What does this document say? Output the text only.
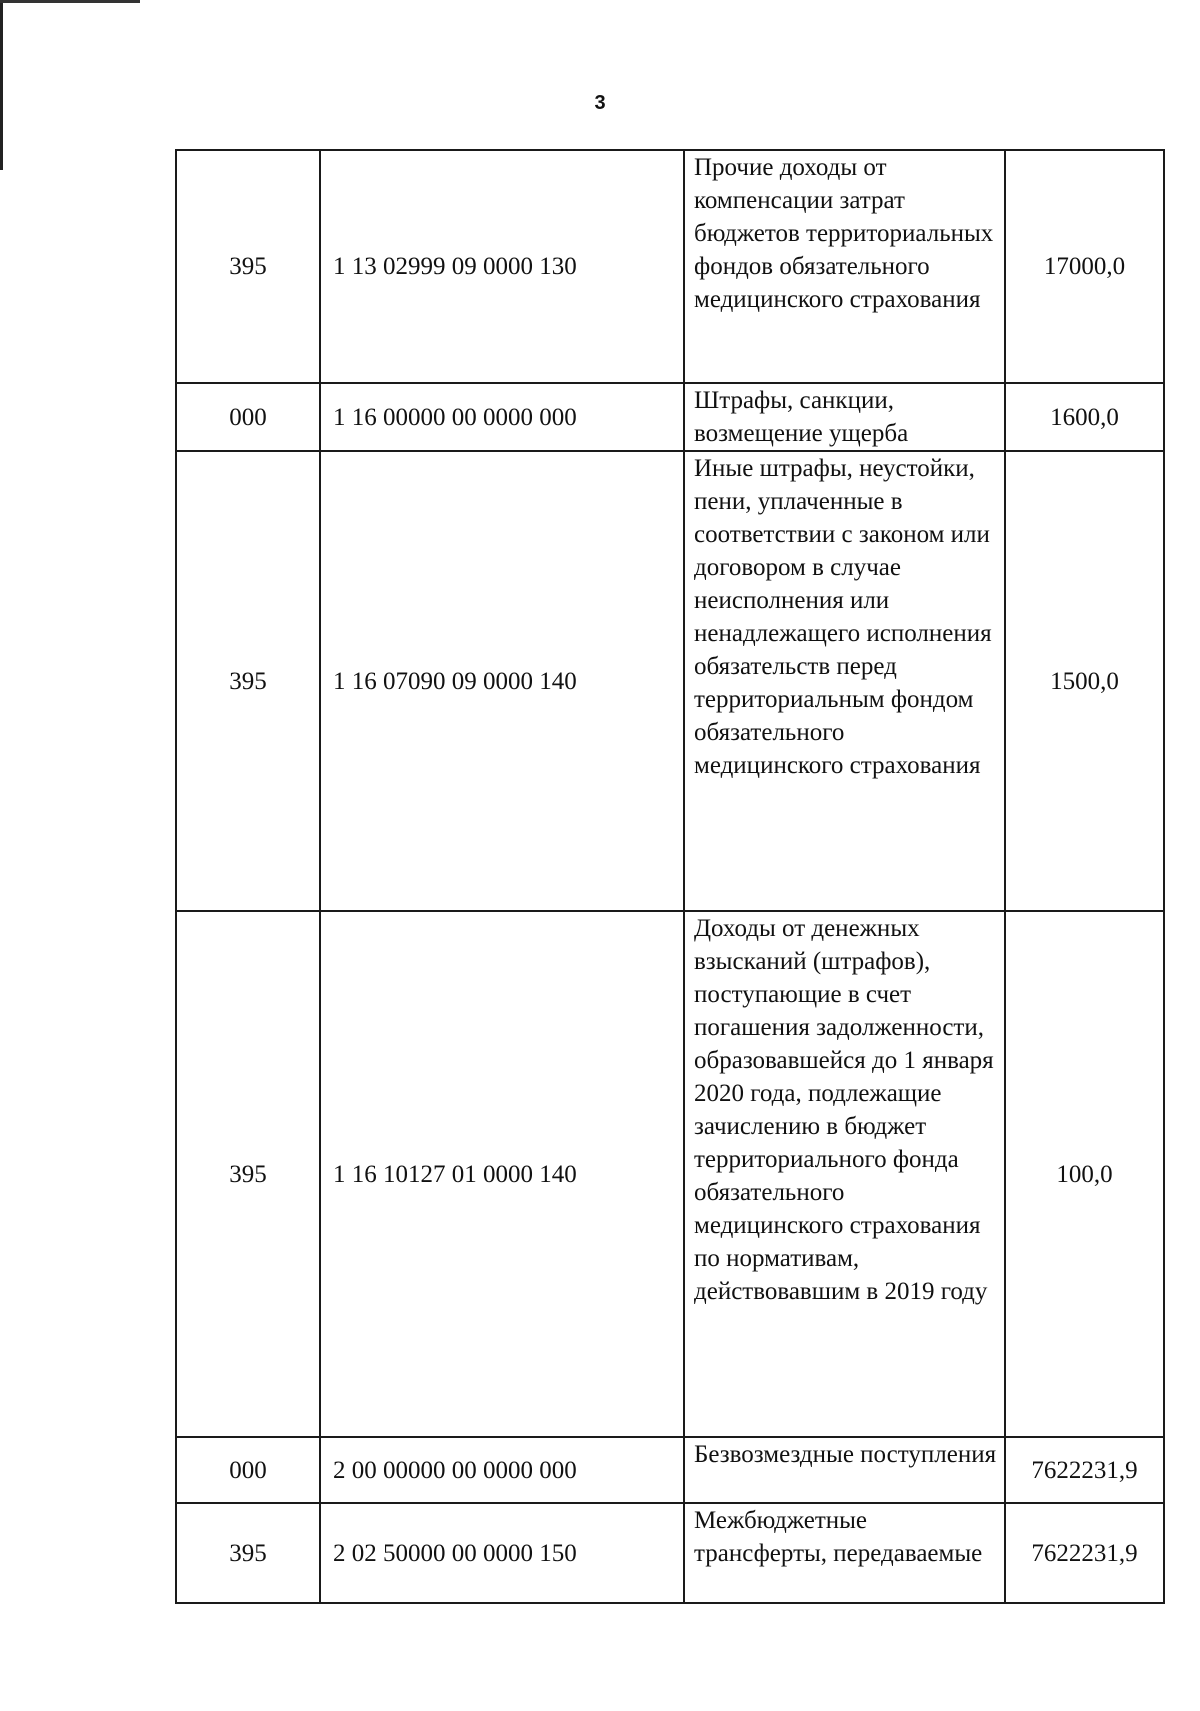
3
395	1 13 02999 09 0000 130	Прочие доходы от компенсации затрат бюджетов территориальных фондов обязательного медицинского страхования	17000,0
000	1 16 00000 00 0000 000	Штрафы, санкции, возмещение ущерба	1600,0
395	1 16 07090 09 0000 140	Иные штрафы, неустойки, пени, уплаченные в соответствии с законом или договором в случае неисполнения или ненадлежащего исполнения обязательств перед территориальным фондом обязательного медицинского страхования	1500,0
395	1 16 10127 01 0000 140	Доходы от денежных взысканий (штрафов), поступающие в счет погашения задолженности, образовавшейся до 1 января 2020 года, подлежащие зачислению в бюджет территориального фонда обязательного медицинского страхования по нормативам, действовавшим в 2019 году	100,0
000	2 00 00000 00 0000 000	Безвозмездные поступления	7622231,9
395	2 02 50000 00 0000 150	Межбюджетные трансферты, передаваемые	7622231,9
